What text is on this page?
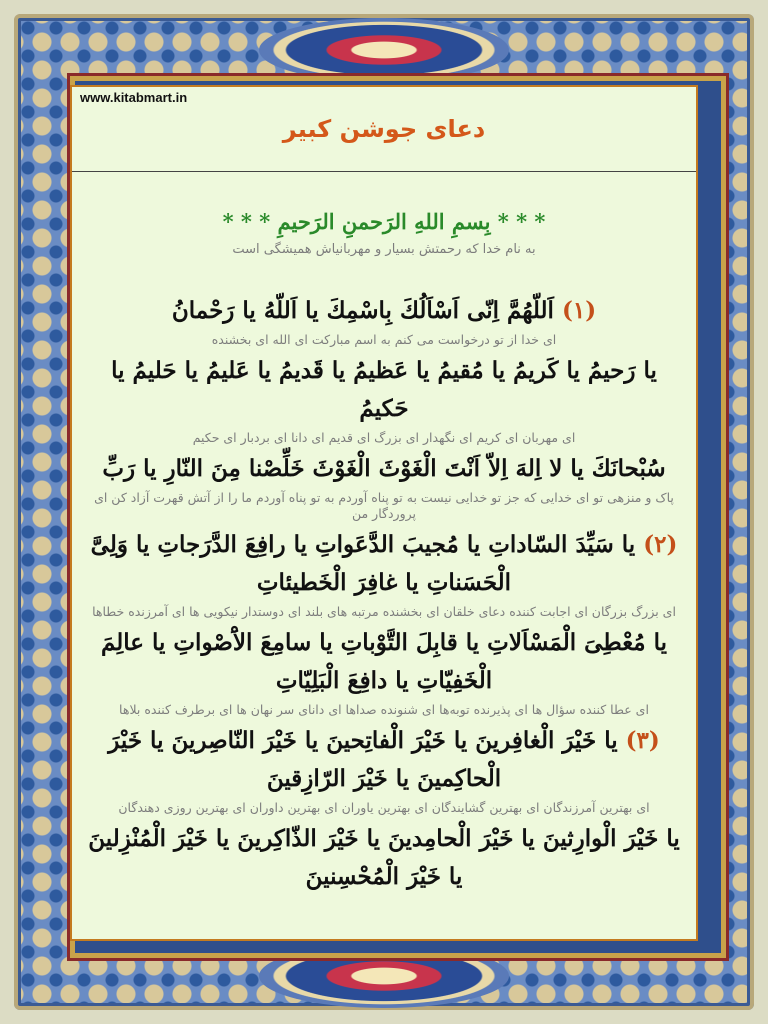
www.kitabmart.in
دعای جوشن کبیر
* * * بِسمِ اللهِ الرَحمنِ الرَحيمِ * * *
به نام خدا که رحمتش بسیار و مهربانیاش همیشگی است

(١) اَللّهُمَّ اِنّى اَسْاَلُكَ بِاسْمِكَ يا اَللّهُ يا رَحْمانُ

ای خدا از تو درخواست می کنم به اسم مبارکت ای الله ای بخشنده

يا رَحيمُ يا كَريمُ يا مُقيمُ يا عَظيمُ يا قَديمُ يا عَليمُ يا حَليمُ يا حَكيمُ

ای مهربان ای کریم ای نگهدار ای بزرگ ای قدیم ای دانا ای بردبار ای حکیم

سُبْحانَكَ يا لا اِلهَ اِلاّ اَنْتَ الْغَوْثَ الْغَوْثَ خَلِّصْنا مِنَ النّارِ يا رَبِّ

پاک و منزهی تو ای خدایی که جز تو خدایی نیست به تو پناه آوردم به تو پناه آوردم ما را از آتش قهرت آزاد کن ای پروردگار من

(٢) يا سَيِّدَ السّاداتِ يا مُجيبَ الدَّعَواتِ يا رافِعَ الدَّرَجاتِ يا وَلِىَّ الْحَسَناتِ يا غافِرَ الْخَطيئاتِ

ای بزرگ بزرگان ای اجابت کننده دعای خلقان ای بخشنده مرتبه های بلند ای دوستدار نیکویی ها ای آمرزنده خطاها

يا مُعْطِىَ الْمَسْاَلاتِ يا قابِلَ التَّوْباتِ يا سامِعَ الاَْصْواتِ يا عالِمَ الْخَفِيّاتِ يا دافِعَ الْبَلِيّاتِ

ای عطا کننده سؤال ها ای پذیرنده توبه‌ها ای شنونده صداها ای دانای سر نهان ها ای برطرف کننده بلاها

(٣) يا خَيْرَ الْغافِرينَ يا خَيْرَ الْفاتِحينَ يا خَيْرَ النّاصِرينَ يا خَيْرَ الْحاكِمينَ يا خَيْرَ الرّازِقينَ

ای بهترین آمرزندگان ای بهترین گشایندگان ای بهترین یاوران ای بهترین داوران ای بهترین روزی دهندگان

يا خَيْرَ الْوارِثينَ يا خَيْرَ الْحامِدينَ يا خَيْرَ الذّاكِرينَ يا خَيْرَ الْمُنْزِلينَ يا خَيْرَ الْمُحْسِنينَ
